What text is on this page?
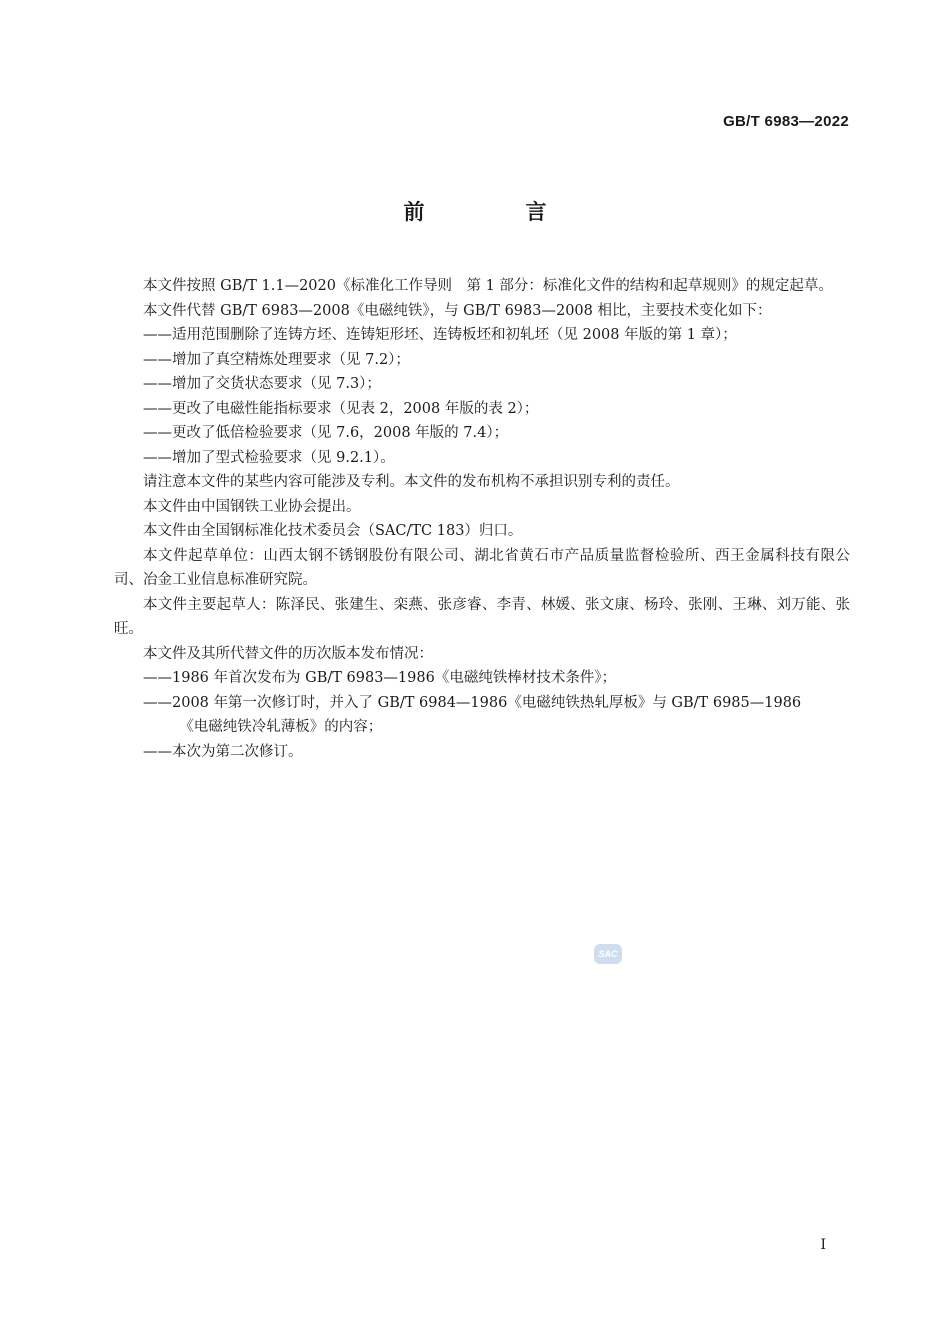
GB/T 6983—2022
前　言

本文件按照 GB/T 1.1—2020《标准化工作导则　第 1 部分：标准化文件的结构和起草规则》的规定起草。

本文件代替 GB/T 6983—2008《电磁纯铁》，与 GB/T 6983—2008 相比，主要技术变化如下：

——适用范围删除了连铸方坯、连铸矩形坯、连铸板坯和初轧坯（见 2008 年版的第 1 章）；

——增加了真空精炼处理要求（见 7.2）；

——增加了交货状态要求（见 7.3）；

——更改了电磁性能指标要求（见表 2，2008 年版的表 2）；

——更改了低倍检验要求（见 7.6，2008 年版的 7.4）；

——增加了型式检验要求（见 9.2.1）。

请注意本文件的某些内容可能涉及专利。本文件的发布机构不承担识别专利的责任。

本文件由中国钢铁工业协会提出。

本文件由全国钢标准化技术委员会（SAC/TC 183）归口。

本文件起草单位：山西太钢不锈钢股份有限公司、湖北省黄石市产品质量监督检验所、西王金属科技有限公司、冶金工业信息标准研究院。

本文件主要起草人：陈泽民、张建生、栾燕、张彦睿、李青、林媛、张文康、杨玲、张刚、王琳、刘万能、张旺。

本文件及其所代替文件的历次版本发布情况：

——1986 年首次发布为 GB/T 6983—1986《电磁纯铁棒材技术条件》；

——2008 年第一次修订时，并入了 GB/T 6984—1986《电磁纯铁热轧厚板》与 GB/T 6985—1986

《电磁纯铁冷轧薄板》的内容；

——本次为第二次修订。

SAC
I
